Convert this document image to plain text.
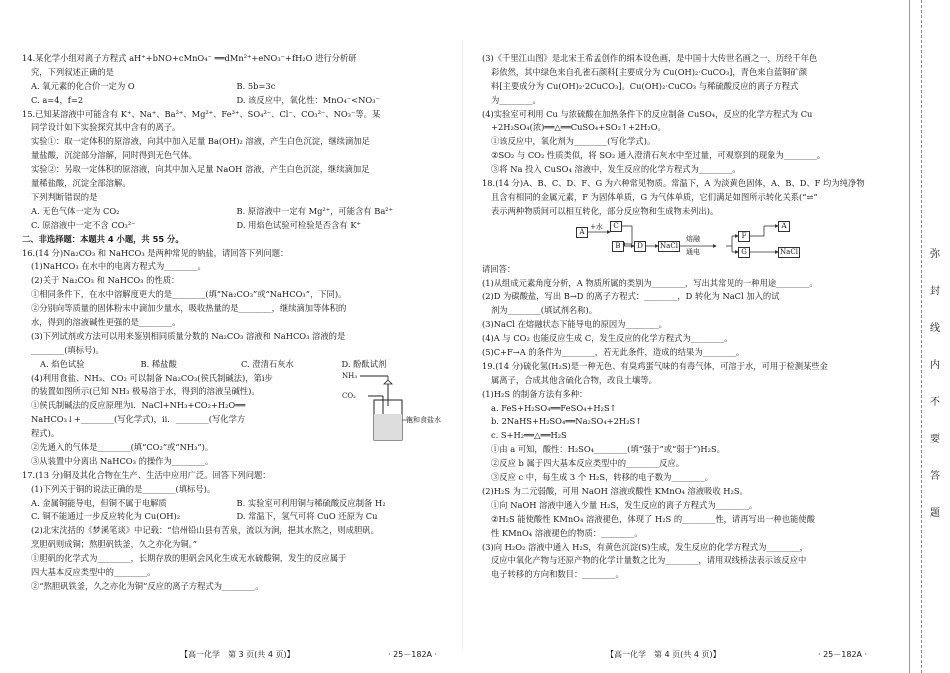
14.某化学小组对离子方程式 aH⁺+bNO+cMnO₄⁻ ══dMn²⁺+eNO₃⁻+fH₂O 进行分析研
究，下列叙述正确的是
A. 氧元素的化合价一定为 O	B. 5b=3c
C. a=4，f=2	D. 该反应中，氧化性：MnO₄⁻<NO₃⁻
15.已知某溶液中可能含有 K⁺、Na⁺、Ba²⁺、Mg²⁺、Fe³⁺、SO₄²⁻、Cl⁻、CO₃²⁻、NO₃⁻等。某
同学设计如下实验探究其中含有的离子。
实验①：取一定体积的原溶液，向其中加入足量 Ba(OH)₂ 溶液，产生白色沉淀，继续滴加足
量盐酸，沉淀部分溶解，同时得到无色气体。
实验②：另取一定体积的原溶液，向其中加入足量 NaOH 溶液，产生白色沉淀，继续滴加足
量稀盐酸，沉淀全部溶解。
下列判断错误的是
A. 无色气体一定为 CO₂	B. 原溶液中一定有 Mg²⁺，可能含有 Ba²⁺
C. 原溶液中一定不含 CO₃²⁻	D. 用焰色试验可检验是否含有 K⁺
二、非选择题：本题共 4 小题，共 55 分。
16.(14 分)Na₂CO₃ 和 NaHCO₃ 是两种常见的钠盐，请回答下列问题：
(1)NaHCO₃ 在水中的电离方程式为________。
(2)关于 Na₂CO₃ 和 NaHCO₃ 的性质：
①相同条件下，在水中溶解度更大的是________(填“Na₂CO₃”或“NaHCO₃”，下同)。
②分别向等质量的固体粉末中滴加少量水，吸收热量的是________，继续滴加等体积的
水，得到的溶液碱性更强的是________。
(3)下列试剂或方法可以用来鉴别相同质量分数的 Na₂CO₃ 溶液和 NaHCO₃ 溶液的是
________(填标号)。
A. 焰色试验	B. 稀盐酸	C. 澄清石灰水	D. 酚酞试剂
(4)利用食盐、NH₃、CO₂ 可以制备 Na₂CO₃(侯氏制碱法)，第ⅰ步
的装置如图所示(已知 NH₃ 极易溶于水，得到的溶液呈碱性)。
①侯氏制碱法的反应原理为ⅰ．NaCl+NH₃+CO₂+H₂O══
NaHCO₃↓+________(写化学式)，ⅱ．________(写化学方
程式)。
②先通入的气体是________(填“CO₂”或“NH₃”)。
③从装置中分离出 NaHCO₃ 的操作为________。
NH₃
CO₂
饱和食盐水
17.(13 分)铜及其化合物在生产、生活中应用广泛。回答下列问题：
(1)下列关于铜的说法正确的是________(填标号)。
A. 金属铜能导电，但铜不属于电解质	B. 实验室可利用铜与稀硫酸反应制备 H₂
C. 铜不能通过一步反应转化为 Cu(OH)₂	D. 常温下，氢气可将 CuO 还原为 Cu
(2)北宋沈括的《梦溪笔谈》中记载：“信州铅山县有苦泉，流以为涧，挹其水熬之，则成胆矾。
烹胆矾则成铜；熬胆矾铁釜，久之亦化为铜。”
①胆矾的化学式为________，长期存放的胆矾会风化生成无水硫酸铜，发生的反应属于
四大基本反应类型中的________。
②“熬胆矾铁釜，久之亦化为铜”反应的离子方程式为________。
(3)《千里江山图》是北宋王希孟创作的绢本设色画，是中国十大传世名画之一，历经千年色
彩依然，其中绿色来自孔雀石颜料[主要成分为 Cu(OH)₂·CuCO₃]，青色来自蓝铜矿颜
料[主要成分为 Cu(OH)₂·2CuCO₃]。Cu(OH)₂·CuCO₃ 与稀硫酸反应的离子方程式
为________。
(4)实验室可利用 Cu 与浓硫酸在加热条件下的反应制备 CuSO₄，反应的化学方程式为 Cu
+2H₂SO₄(浓)══△══CuSO₄+SO₂↑+2H₂O。
①该反应中，氧化剂为________(写化学式)。
②SO₂ 与 CO₂ 性质类似，将 SO₂ 通入澄清石灰水中至过量，可观察到的现象为________。
③将 Na 投入 CuSO₄ 溶液中，发生反应的化学方程式为________。
18.(14 分)A、B、C、D、F、G 为六种常见物质。常温下，A 为淡黄色固体，A、B、D、F 均为纯净物
且含有相同的金属元素，F 为固体单质，G 为气体单质，它们满足如图所示转化关系(“⇌”
表示两种物质间可以相互转化，部分反应物和生成物未列出)。
A
+水	C
B	D	NaCl
熔融
通电
F
G
A
NaCl
请回答：
(1)从组成元素角度分析，A 物质所属的类别为________，写出其常见的一种用途________。
(2)D 为碳酸盐，写出 B→D 的离子方程式：________，D 转化为 NaCl 加入的试
剂为________(填试剂名称)。
(3)NaCl 在熔融状态下能导电的原因为________。
(4)A 与 CO₂ 也能反应生成 C，发生反应的化学方程式为________。
(5)C+F→A 的条件为________，若无此条件，造成的结果为________。
19.(14 分)硫化氢(H₂S)是一种无色、有臭鸡蛋气味的有毒气体，可溶于水，可用于检测某些金
属离子，合成其他含硫化合物，改良土壤等。
(1)H₂S 的制备方法有多种：
a. FeS+H₂SO₄══FeSO₄+H₂S↑
b. 2NaHS+H₂SO₄══Na₂SO₄+2H₂S↑
c. S+H₂══△══H₂S
①由 a 可知，酸性：H₂SO₄________(填“强于”或“弱于”)H₂S。
②反应 b 属于四大基本反应类型中的________反应。
③反应 c 中，每生成 3 个 H₂S，转移的电子数为________。
(2)H₂S 为二元弱酸，可用 NaOH 溶液或酸性 KMnO₄ 溶液吸收 H₂S。
①向 NaOH 溶液中通入少量 H₂S，发生反应的离子方程式为________。
②H₂S 能使酸性 KMnO₄ 溶液褪色，体现了 H₂S 的________性，请再写出一种也能使酸
性 KMnO₄ 溶液褪色的物质：________。
(3)向 H₂O₂ 溶液中通入 H₂S，有黄色沉淀(S)生成，发生反应的化学方程式为________，
反应中氧化产物与还原产物的化学计量数之比为________，请用双线桥法表示该反应中
电子转移的方向和数目：________。
【高一化学　第 3 页(共 4 页)】	· 25－182A ·	【高一化学　第 4 页(共 4 页)】	· 25－182A ·
弥
封
线
内
不
要
答
题
